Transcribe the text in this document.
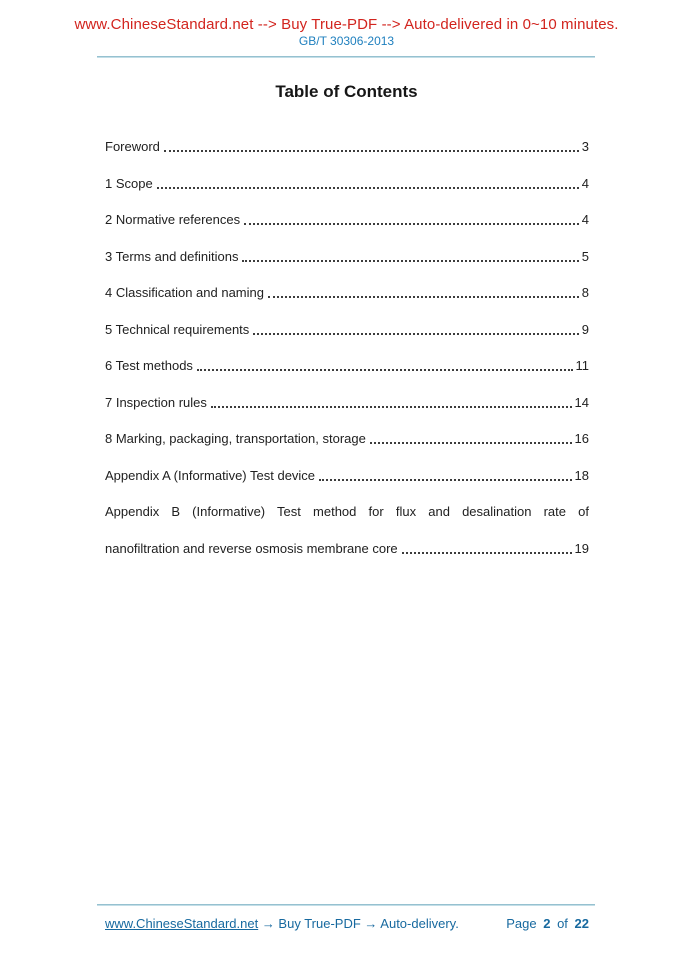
www.ChineseStandard.net --> Buy True-PDF --> Auto-delivered in 0~10 minutes.
GB/T 30306-2013
Table of Contents
Foreword	3
1 Scope	4
2 Normative references	4
3 Terms and definitions	5
4 Classification and naming	8
5 Technical requirements	9
6 Test methods	11
7 Inspection rules	14
8 Marking, packaging, transportation, storage	16
Appendix A (Informative) Test device	18
Appendix B (Informative) Test method for flux and desalination rate of
nanofiltration and reverse osmosis membrane core	19
www.ChineseStandard.net → Buy True-PDF → Auto-delivery.	Page 2 of 22
